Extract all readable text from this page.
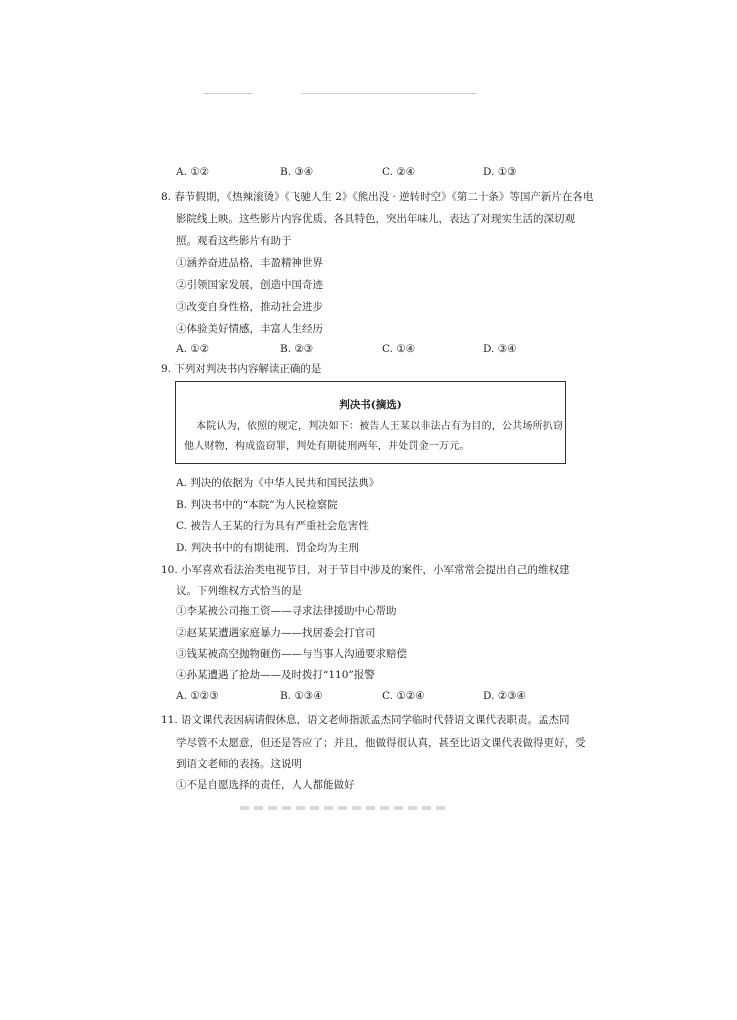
A. ①②	B. ③④	C. ②④	D. ①③
8. 春节假期，《热辣滚烫》《飞驰人生 2》《熊出没 · 逆转时空》《第二十条》等国产新片在各电
影院线上映。这些影片内容优质、各具特色，突出年味儿，表达了对现实生活的深切观
照。观看这些影片有助于
①涵养奋进品格，丰盈精神世界
②引领国家发展，创造中国奇迹
③改变自身性格，推动社会进步
④体验美好情感，丰富人生经历
A. ①②	B. ②③	C. ①④	D. ③④
9. 下列对判决书内容解读正确的是
判决书(摘选)
本院认为，依照的规定，判决如下：被告人王某以非法占有为目的，公共场所扒窃
他人财物，构成盗窃罪，判处有期徒刑两年，并处罚金一万元。
A. 判决的依据为《中华人民共和国民法典》
B. 判决书中的“本院”为人民检察院
C. 被告人王某的行为具有严重社会危害性
D. 判决书中的有期徒刑、罚金均为主刑
10. 小军喜欢看法治类电视节目，对于节目中涉及的案件，小军常常会提出自己的维权建
议。下列维权方式恰当的是
①李某被公司拖工资——寻求法律援助中心帮助
②赵某某遭遇家庭暴力——找居委会打官司
③钱某被高空抛物砸伤——与当事人沟通要求赔偿
④孙某遭遇了抢劫——及时拨打“110”报警
A. ①②③	B. ①③④	C. ①②④	D. ②③④
11. 语文课代表因病请假休息，语文老师指派孟杰同学临时代替语文课代表职责。孟杰同
学尽管不太愿意，但还是答应了；并且，他做得很认真，甚至比语文课代表做得更好，受
到语文老师的表扬。这说明
①不是自愿选择的责任，人人都能做好
